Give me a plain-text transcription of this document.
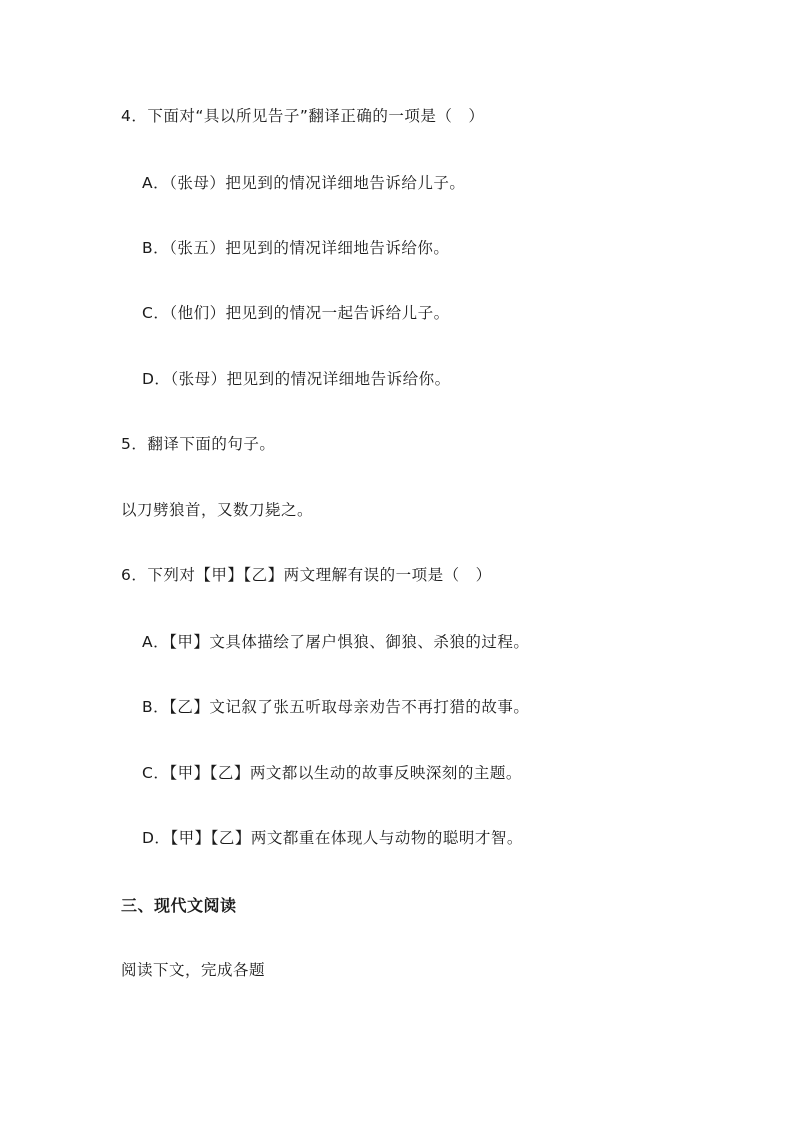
4．下面对“具以所见告子”翻译正确的一项是（　）
A．（张母）把见到的情况详细地告诉给儿子。
B．（张五）把见到的情况详细地告诉给你。
C．（他们）把见到的情况一起告诉给儿子。
D．（张母）把见到的情况详细地告诉给你。
5．翻译下面的句子。
以刀劈狼首，又数刀毙之。
6．下列对【甲】【乙】两文理解有误的一项是（　）
A．【甲】文具体描绘了屠户惧狼、御狼、杀狼的过程。
B．【乙】文记叙了张五听取母亲劝告不再打猎的故事。
C．【甲】【乙】两文都以生动的故事反映深刻的主题。
D．【甲】【乙】两文都重在体现人与动物的聪明才智。
三、现代文阅读
阅读下文，完成各题
